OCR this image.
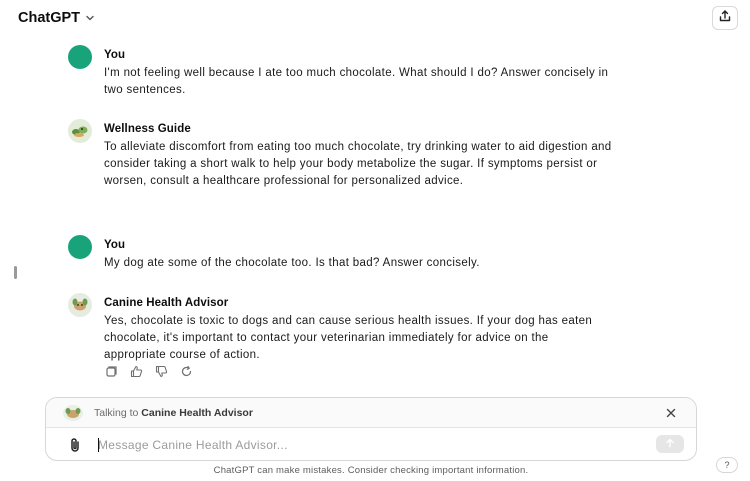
ChatGPT
You
I'm not feeling well because I ate too much chocolate. What should I do? Answer concisely in two sentences.
Wellness Guide
To alleviate discomfort from eating too much chocolate, try drinking water to aid digestion and consider taking a short walk to help your body metabolize the sugar. If symptoms persist or worsen, consult a healthcare professional for personalized advice.
You
My dog ate some of the chocolate too. Is that bad? Answer concisely.
Canine Health Advisor
Yes, chocolate is toxic to dogs and can cause serious health issues. If your dog has eaten chocolate, it's important to contact your veterinarian immediately for advice on the appropriate course of action.
Talking to Canine Health Advisor
Message Canine Health Advisor...
ChatGPT can make mistakes. Consider checking important information.	?
